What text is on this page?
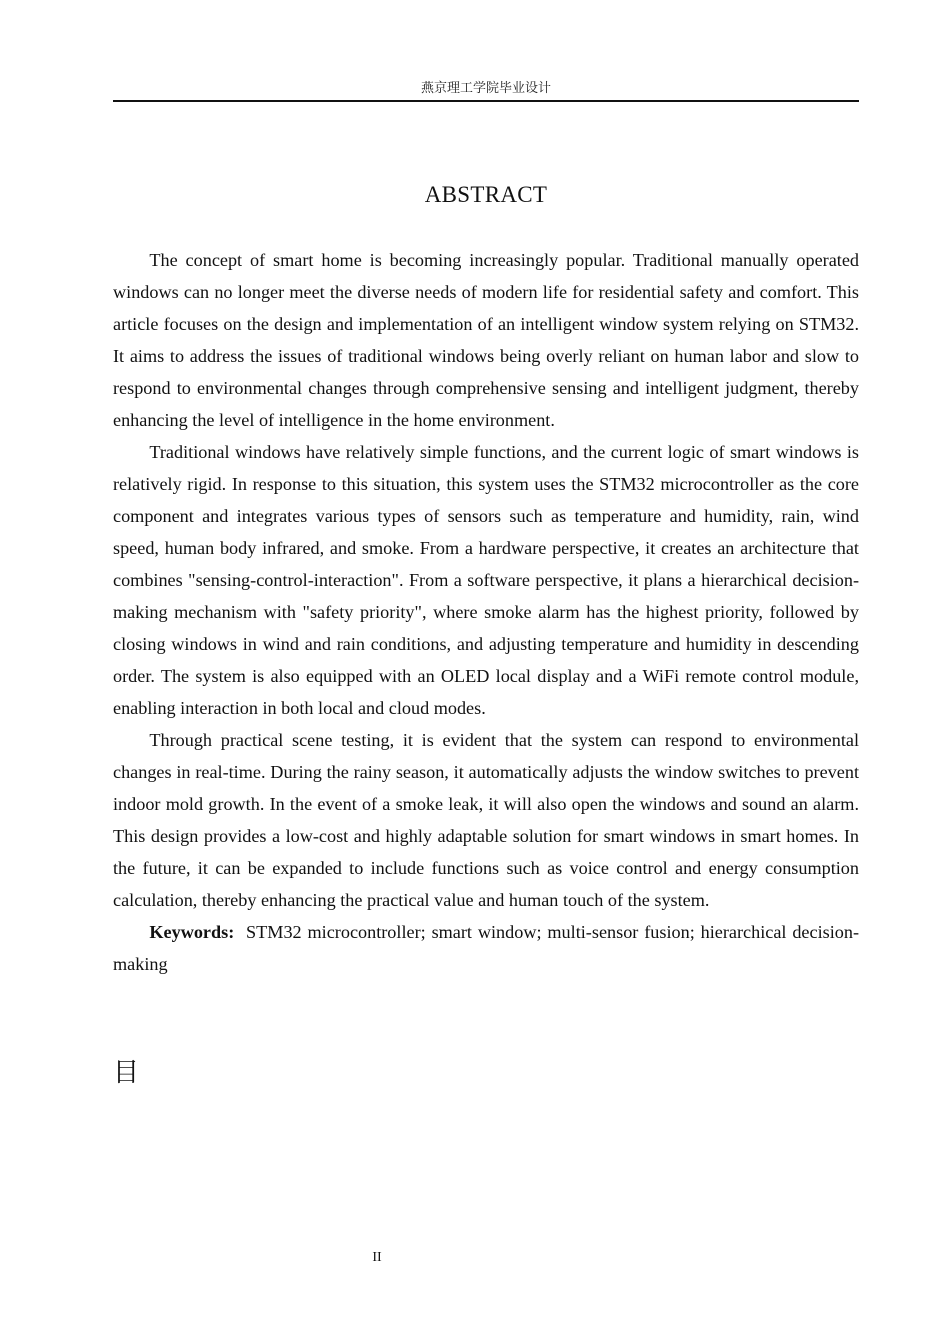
燕京理工学院毕业设计
ABSTRACT

The concept of smart home is becoming increasingly popular. Traditional manually operated windows can no longer meet the diverse needs of modern life for residential safety and comfort. This article focuses on the design and implementation of an intelligent window system relying on STM32. It aims to address the issues of traditional windows being overly reliant on human labor and slow to respond to environmental changes through comprehensive sensing and intelligent judgment, thereby enhancing the level of intelligence in the home environment.

Traditional windows have relatively simple functions, and the current logic of smart windows is relatively rigid. In response to this situation, this system uses the STM32 microcontroller as the core component and integrates various types of sensors such as temperature and humidity, rain, wind speed, human body infrared, and smoke. From a hardware perspective, it creates an architecture that combines "sensing-control-interaction". From a software perspective, it plans a hierarchical decision-making mechanism with "safety priority", where smoke alarm has the highest priority, followed by closing windows in wind and rain conditions, and adjusting temperature and humidity in descending order. The system is also equipped with an OLED local display and a WiFi remote control module, enabling interaction in both local and cloud modes.

Through practical scene testing, it is evident that the system can respond to environmental changes in real-time. During the rainy season, it automatically adjusts the window switches to prevent indoor mold growth. In the event of a smoke leak, it will also open the windows and sound an alarm. This design provides a low-cost and highly adaptable solution for smart windows in smart homes. In the future, it can be expanded to include functions such as voice control and energy consumption calculation, thereby enhancing the practical value and human touch of the system.

Keywords: STM32 microcontroller; smart window; multi-sensor fusion; hierarchical decision-making

目
II
